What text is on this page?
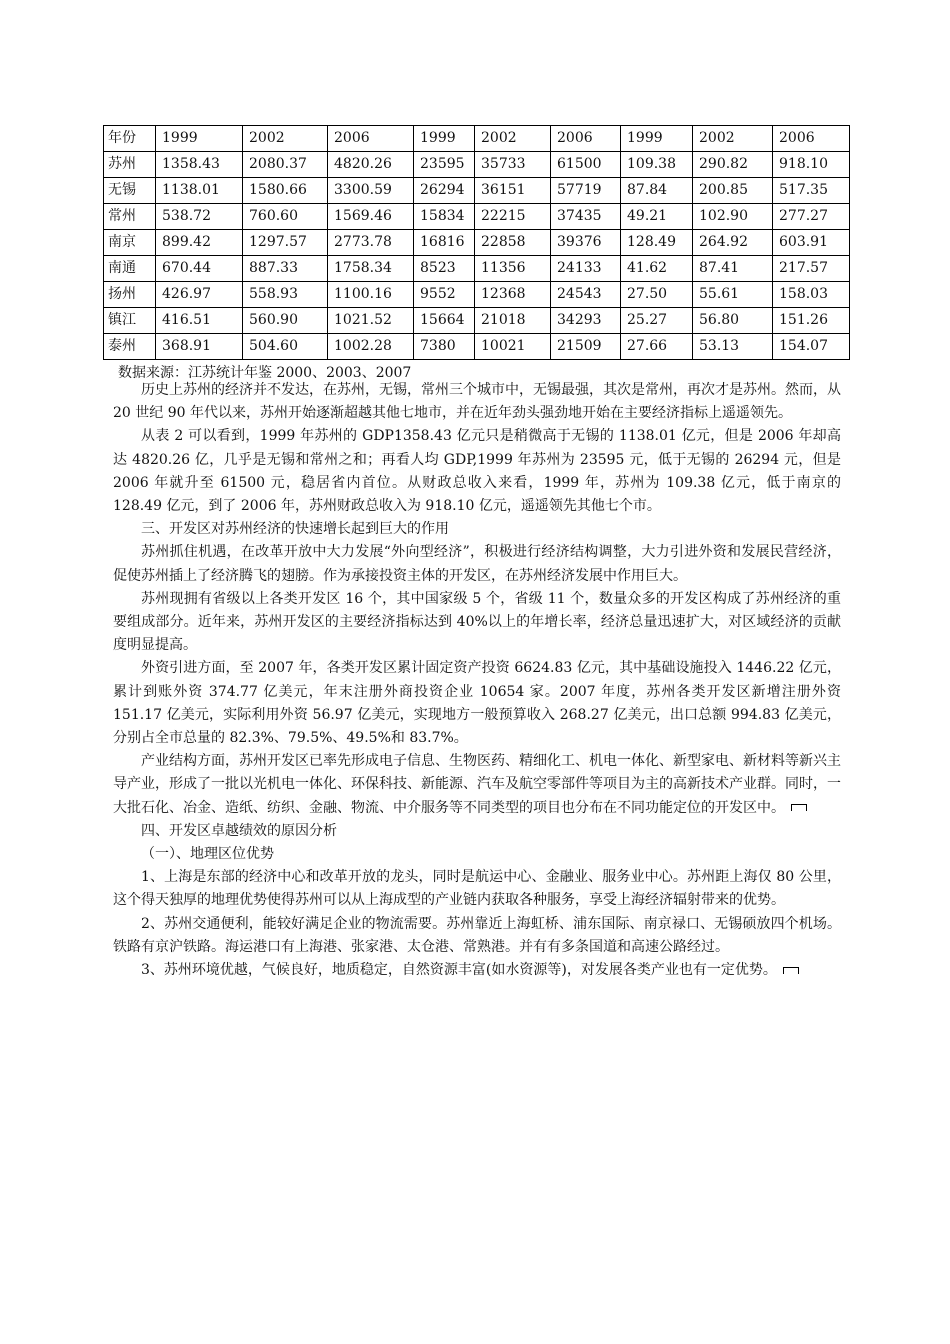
年份	1999	2002	2006	1999	2002	2006	1999	2002	2006
苏州	1358.43	2080.37	4820.26	23595	35733	61500	109.38	290.82	918.10
无锡	1138.01	1580.66	3300.59	26294	36151	57719	87.84	200.85	517.35
常州	538.72	760.60	1569.46	15834	22215	37435	49.21	102.90	277.27
南京	899.42	1297.57	2773.78	16816	22858	39376	128.49	264.92	603.91
南通	670.44	887.33	1758.34	8523	11356	24133	41.62	87.41	217.57
扬州	426.97	558.93	1100.16	9552	12368	24543	27.50	55.61	158.03
镇江	416.51	560.90	1021.52	15664	21018	34293	25.27	56.80	151.26
泰州	368.91	504.60	1002.28	7380	10021	21509	27.66	53.13	154.07
数据来源：江苏统计年鉴 2000、2003、2007

历史上苏州的经济并不发达，在苏州，无锡，常州三个城市中，无锡最强，其次是常州，再次才是苏州。然而，从 20 世纪 90 年代以来，苏州开始逐渐超越其他七地市，并在近年劲头强劲地开始在主要经济指标上遥遥领先。

从表 2 可以看到，1999 年苏州的 GDP1358.43 亿元只是稍微高于无锡的 1138.01 亿元，但是 2006 年却高达 4820.26 亿，几乎是无锡和常州之和；再看人均 GDP,1999 年苏州为 23595 元，低于无锡的 26294 元，但是 2006 年就升至 61500 元，稳居省内首位。从财政总收入来看，1999 年，苏州为 109.38 亿元，低于南京的 128.49 亿元，到了 2006 年，苏州财政总收入为 918.10 亿元，遥遥领先其他七个市。

三、开发区对苏州经济的快速增长起到巨大的作用

苏州抓住机遇，在改革开放中大力发展“外向型经济”，积极进行经济结构调整，大力引进外资和发展民营经济，促使苏州插上了经济腾飞的翅膀。作为承接投资主体的开发区，在苏州经济发展中作用巨大。

苏州现拥有省级以上各类开发区 16 个，其中国家级 5 个，省级 11 个，数量众多的开发区构成了苏州经济的重要组成部分。近年来，苏州开发区的主要经济指标达到 40%以上的年增长率，经济总量迅速扩大，对区域经济的贡献度明显提高。

外资引进方面，至 2007 年，各类开发区累计固定资产投资 6624.83 亿元，其中基础设施投入 1446.22 亿元，累计到账外资 374.77 亿美元，年末注册外商投资企业 10654 家。2007 年度，苏州各类开发区新增注册外资 151.17 亿美元，实际利用外资 56.97 亿美元，实现地方一般预算收入 268.27 亿美元，出口总额 994.83 亿美元，分别占全市总量的 82.3%、79.5%、49.5%和 83.7%。

产业结构方面，苏州开发区已率先形成电子信息、生物医药、精细化工、机电一体化、新型家电、新材料等新兴主导产业，形成了一批以光机电一体化、环保科技、新能源、汽车及航空零部件等项目为主的高新技术产业群。同时，一大批石化、冶金、造纸、纺织、金融、物流、中介服务等不同类型的项目也分布在不同功能定位的开发区中。

四、开发区卓越绩效的原因分析

（一）、地理区位优势

1、上海是东部的经济中心和改革开放的龙头，同时是航运中心、金融业、服务业中心。苏州距上海仅 80 公里，这个得天独厚的地理优势使得苏州可以从上海成型的产业链内获取各种服务，享受上海经济辐射带来的优势。

2、苏州交通便利，能较好满足企业的物流需要。苏州靠近上海虹桥、浦东国际、南京禄口、无锡硕放四个机场。铁路有京沪铁路。海运港口有上海港、张家港、太仓港、常熟港。并有有多条国道和高速公路经过。

3、苏州环境优越，气候良好，地质稳定，自然资源丰富(如水资源等)，对发展各类产业也有一定优势。
